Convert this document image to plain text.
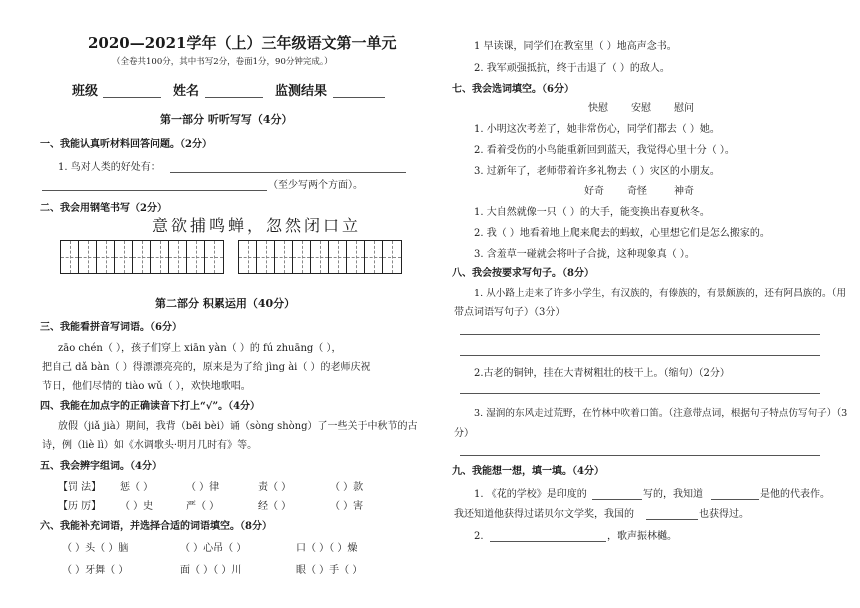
2020—2021学年（上）三年级语文第一单元
（全卷共100分，其中书写2分，卷面1分，90分钟完成。）
班级	姓名	监测结果
第一部分 听听写写（4分）
一、我能认真听材料回答问题。（2分）
1. 鸟对人类的好处有：
（至少写两个方面）。
二、我会用钢笔书写（2分）
意欲捕鸣蝉，忽然闭口立
第二部分 积累运用（40分）
三、我能看拼音写词语。（6分）
zāo chén（ ），孩子们穿上 xiān yàn（ ）的 fú zhuāng（ ），
把自己 dǎ bàn（ ）得漂漂亮亮的，原来是为了给 jìng ài（ ）的老师庆祝
节日，他们尽情的 tiào wǔ（ ），欢快地歌唱。
四、我能在加点字的正确读音下打上“√”。（4分）
放假（jiǎ jià）期间，我背（bēi bèi）诵（sòng shòng）了一些关于中秋节的古
诗，例（liè lì）如《水调歌头·明月几时有》等。
五、我会辨字组词。（4分）
【罚 法】 惩（ ）	（ ）律	责（ ）	（ ）款
【历 厉】 （ ）史	严（ ）	经（ ）	（ ）害
六、我能补充词语，并选择合适的词语填空。（8分）
（ ）头（ ）脑	（ ）心吊（ ）	口（ ）（ ）燥
（ ）牙舞（ ）	面（ ）（ ）川	眼（ ）手（ ）
1 早读课，同学们在教室里（ ）地高声念书。
2. 我军顽强抵抗，终于击退了（ ）的敌人。
七、我会选词填空。（6分）
快慰 安慰 慰问
1. 小明这次考差了，她非常伤心，同学们都去（ ）她。
2. 看着受伤的小鸟能重新回到蓝天，我觉得心里十分（ ）。
3. 过新年了，老师带着许多礼物去（ ）灾区的小朋友。
好奇 奇怪	神奇
1. 大自然就像一只（ ）的大手，能变换出春夏秋冬。
2. 我（ ）地看着地上爬来爬去的蚂蚁，心里想它们是怎么搬家的。
3. 含羞草一碰就会将叶子合拢，这种现象真（ ）。
八、我会按要求写句子。（8分）
1. 从小路上走来了许多小学生，有汉族的，有傣族的，有景颇族的，还有阿昌族的。（用
带点词语写句子）（3分）
2.古老的铜钟，挂在大青树粗壮的枝干上。（缩句）（2分）
3. 湿润的东风走过荒野，在竹林中吹着口笛。（注意带点词，根据句子特点仿写句子）（3
分）
九、我能想一想，填一填。（4分）
1. 《花的学校》是印度的	写的，我知道	是他的代表作。
我还知道他获得过诺贝尔文学奖，我国的	也获得过。
2.	，歌声振林樾。
